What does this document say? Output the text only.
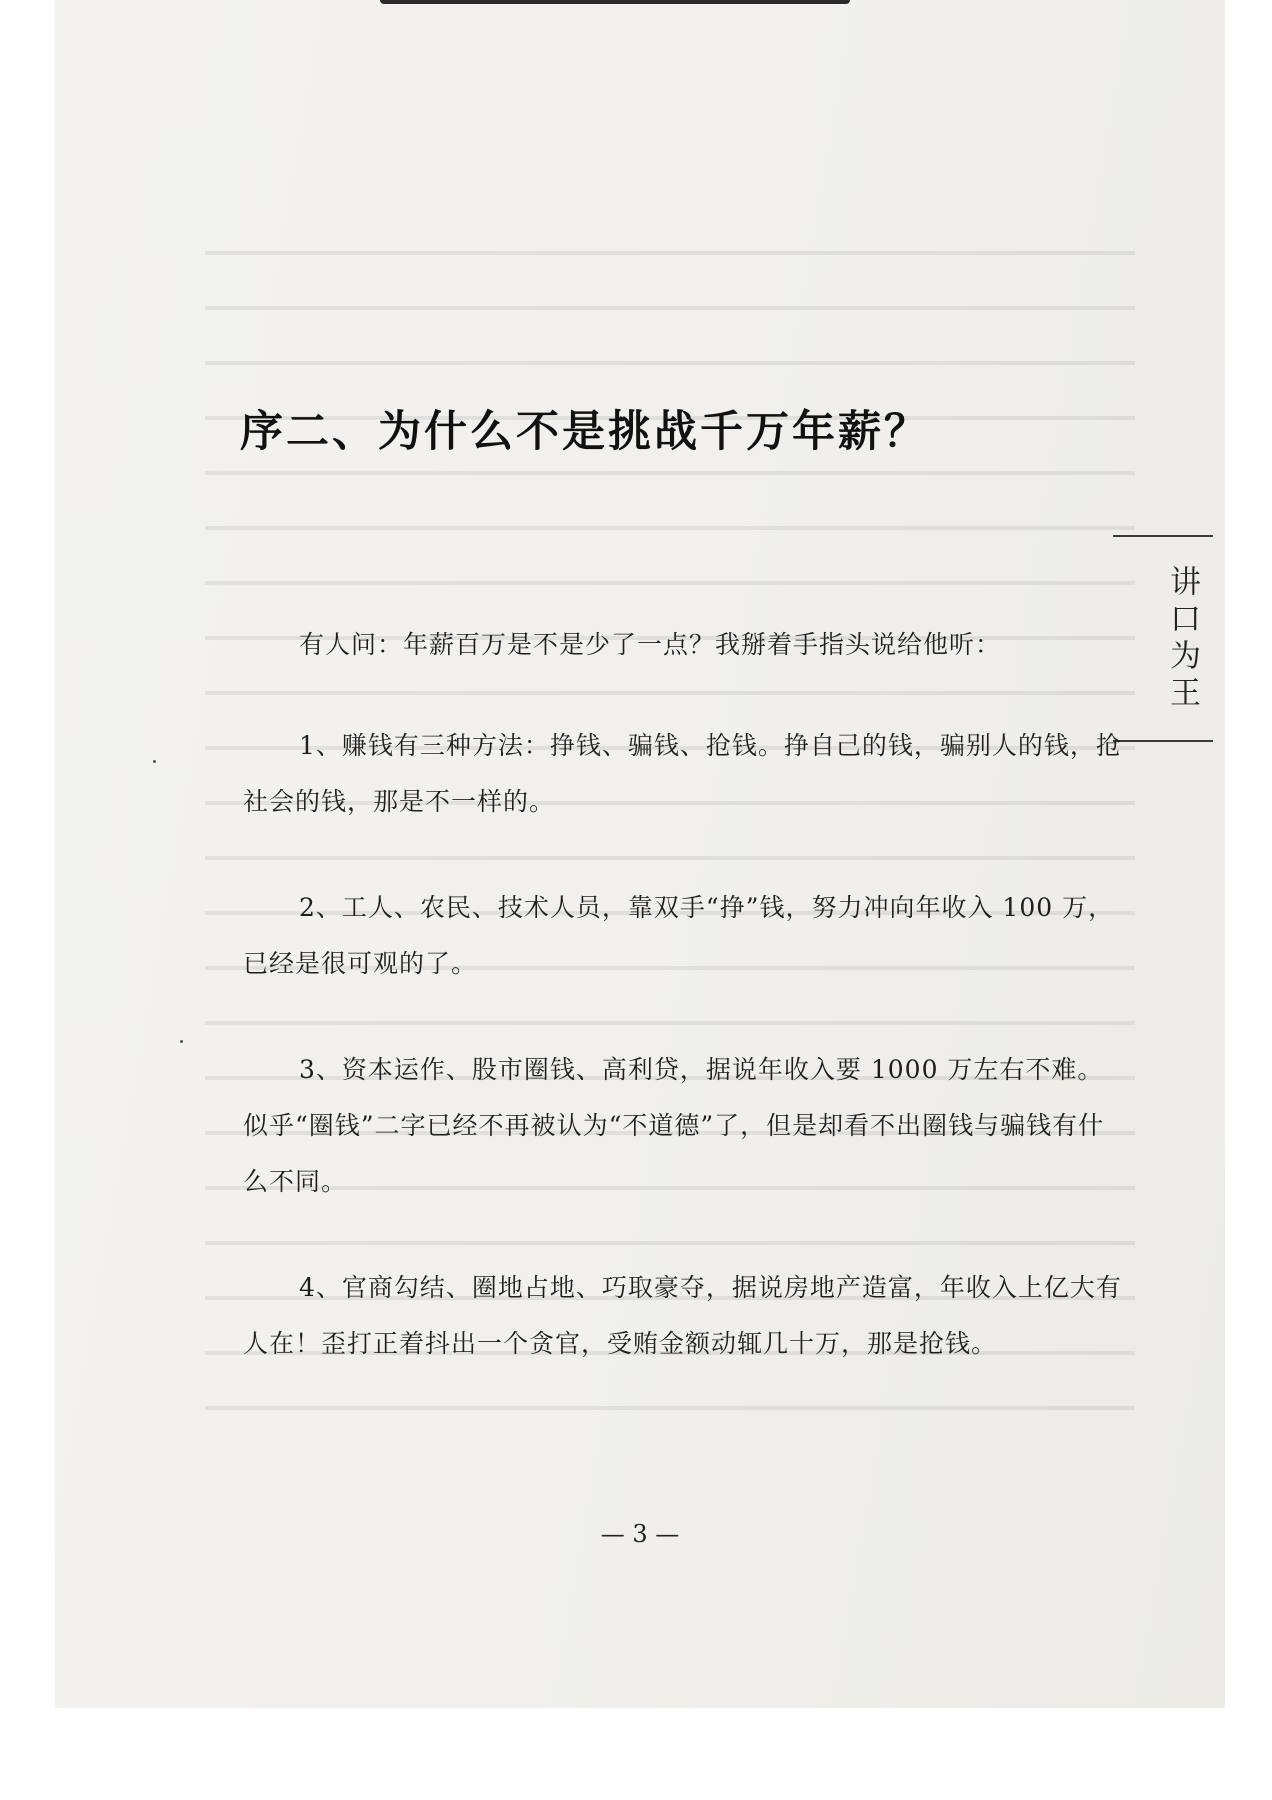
序二、为什么不是挑战千万年薪？
讲口为王

有人问：年薪百万是不是少了一点？我掰着手指头说给他听：

1、赚钱有三种方法：挣钱、骗钱、抢钱。挣自己的钱，骗别人的钱，抢社会的钱，那是不一样的。

2、工人、农民、技术人员，靠双手“挣”钱，努力冲向年收入 100 万，已经是很可观的了。

3、资本运作、股市圈钱、高利贷，据说年收入要 1000 万左右不难。似乎“圈钱”二字已经不再被认为“不道德”了，但是却看不出圈钱与骗钱有什么不同。

4、官商勾结、圈地占地、巧取豪夺，据说房地产造富，年收入上亿大有人在！歪打正着抖出一个贪官，受贿金额动辄几十万，那是抢钱。

— 3 —
